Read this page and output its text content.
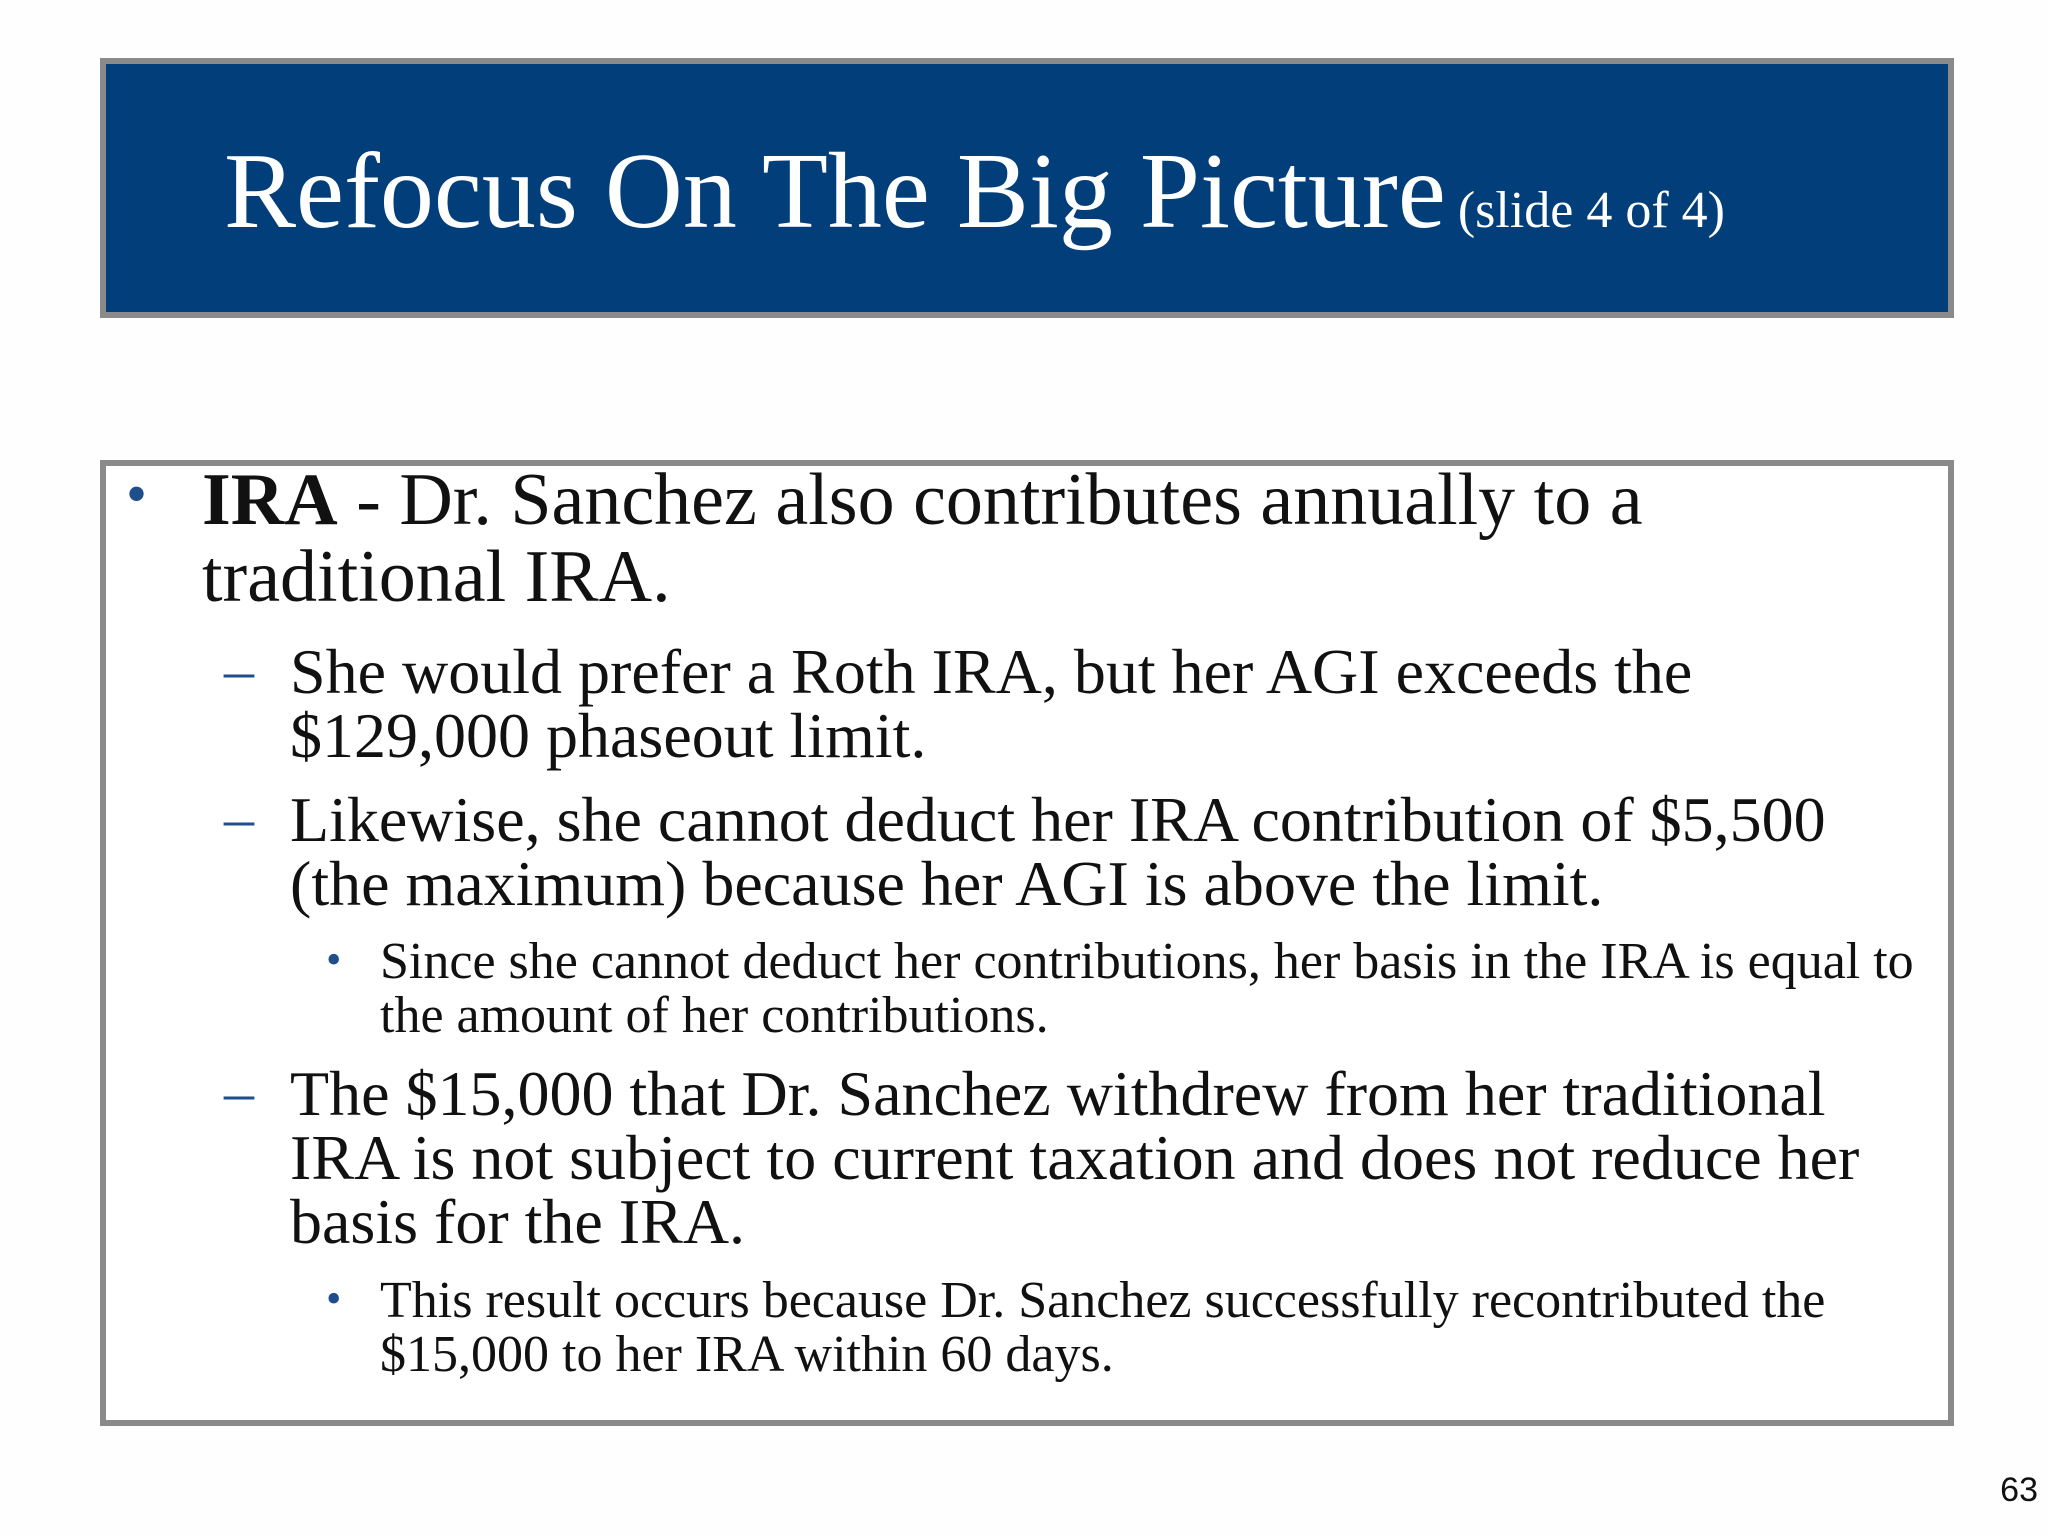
Refocus On The Big Picture (slide 4 of 4)
• IRA - Dr. Sanchez also contributes annually to a traditional IRA.
– She would prefer a Roth IRA, but her AGI exceeds the $129,000 phaseout limit.
– Likewise, she cannot deduct her IRA contribution of $5,500 (the maximum) because her AGI is above the limit.
• Since she cannot deduct her contributions, her basis in the IRA is equal to the amount of her contributions.
– The $15,000 that Dr. Sanchez withdrew from her traditional IRA is not subject to current taxation and does not reduce her basis for the IRA.
• This result occurs because Dr. Sanchez successfully recontributed the $15,000 to her IRA within 60 days.
63
